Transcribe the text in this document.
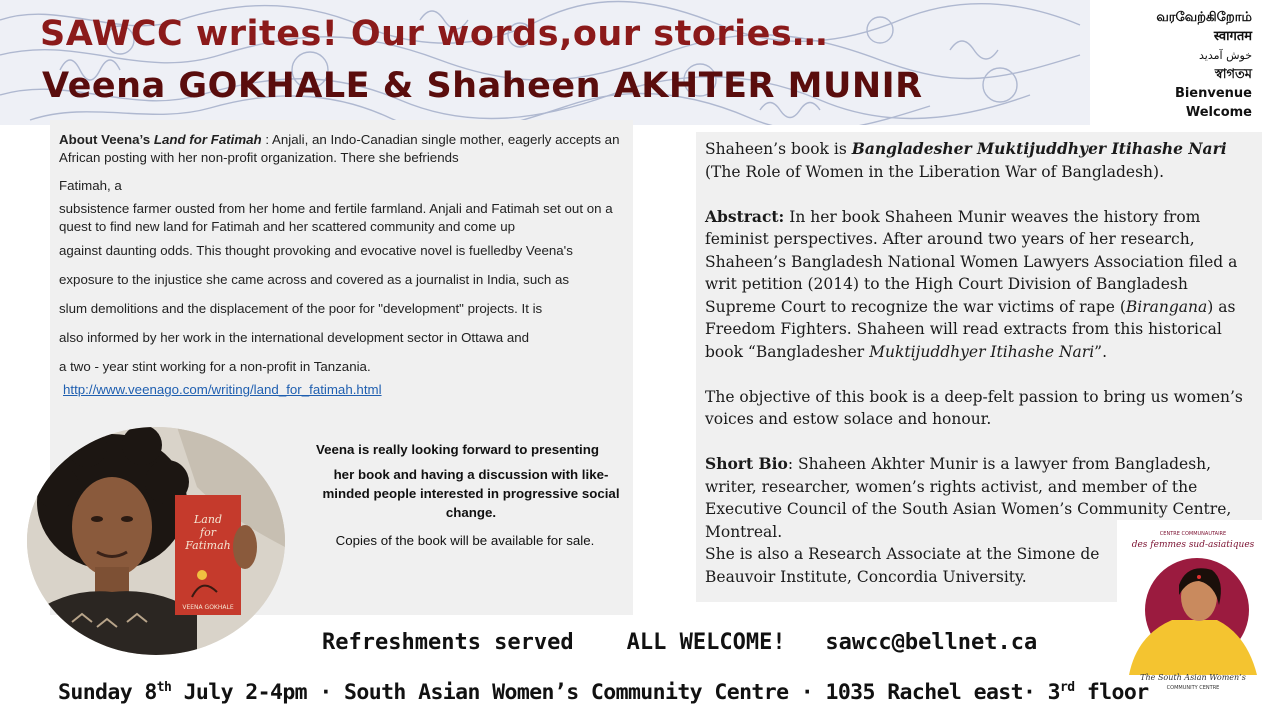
SAWCC writes! Our words,our stories…
Veena GOKHALE & Shaheen AKHTER MUNIR
வரவேற்கிறோம்
स्वागतम
خوش آمدید
স্বাগতম
Bienvenue
Welcome

About Veena’s Land for Fatimah : Anjali, an Indo-Canadian single mother, eagerly accepts an African posting with her non-profit organization. There she befriends

Fatimah, a

subsistence farmer ousted from her home and fertile farmland. Anjali and Fatimah set out on a quest to find new land for Fatimah and her scattered community and come up

against daunting odds. This thought provoking and evocative novel is fuelledby Veena's

exposure to the injustice she came across and covered as a journalist in India, such as

slum demolitions and the displacement of the poor for "development" projects. It is

also informed by her work in the international development sector in Ottawa and

a two - year stint working for a non-profit in Tanzania.

http://www.veenago.com/writing/land_for_fatimah.html

Veena is really looking forward to presenting
her book and having a discussion with like-minded people interested in progressive social change.
Copies of the book will be available for sale.
Land
for
Fatimah
VEENA GOKHALE

Shaheen’s book is Bangladesher Muktijuddhyer Itihashe Nari (The Role of Women in the Liberation War of Bangladesh).

Abstract: In her book Shaheen Munir weaves the history from feminist perspectives. After around two years of her research, Shaheen’s Bangladesh National Women Lawyers Association filed a writ petition (2014) to the High Court Division of Bangladesh Supreme Court to recognize the war victims of rape (Birangana) as Freedom Fighters. Shaheen will read extracts from this historical book “Bangladesher Muktijuddhyer Itihashe Nari”.

The objective of this book is a deep-felt passion to bring us women’s voices and estow solace and honour.

Short Bio: Shaheen Akhter Munir is a lawyer from Bangladesh, writer, researcher, women’s rights activist, and member of the Executive Council of the South Asian Women’s Community Centre, Montreal.
She is also a Research Associate at the Simone de
Beauvoir Institute, Concordia University.

CENTRE COMMUNAUTAIRE
des femmes sud-asiatiques
The South Asian Women’s
COMMUNITY CENTRE
Refreshments served ALL WELCOME! sawcc@bellnet.ca
Sunday 8th July 2-4pm · South Asian Women’s Community Centre · 1035 Rachel east· 3rd floor
